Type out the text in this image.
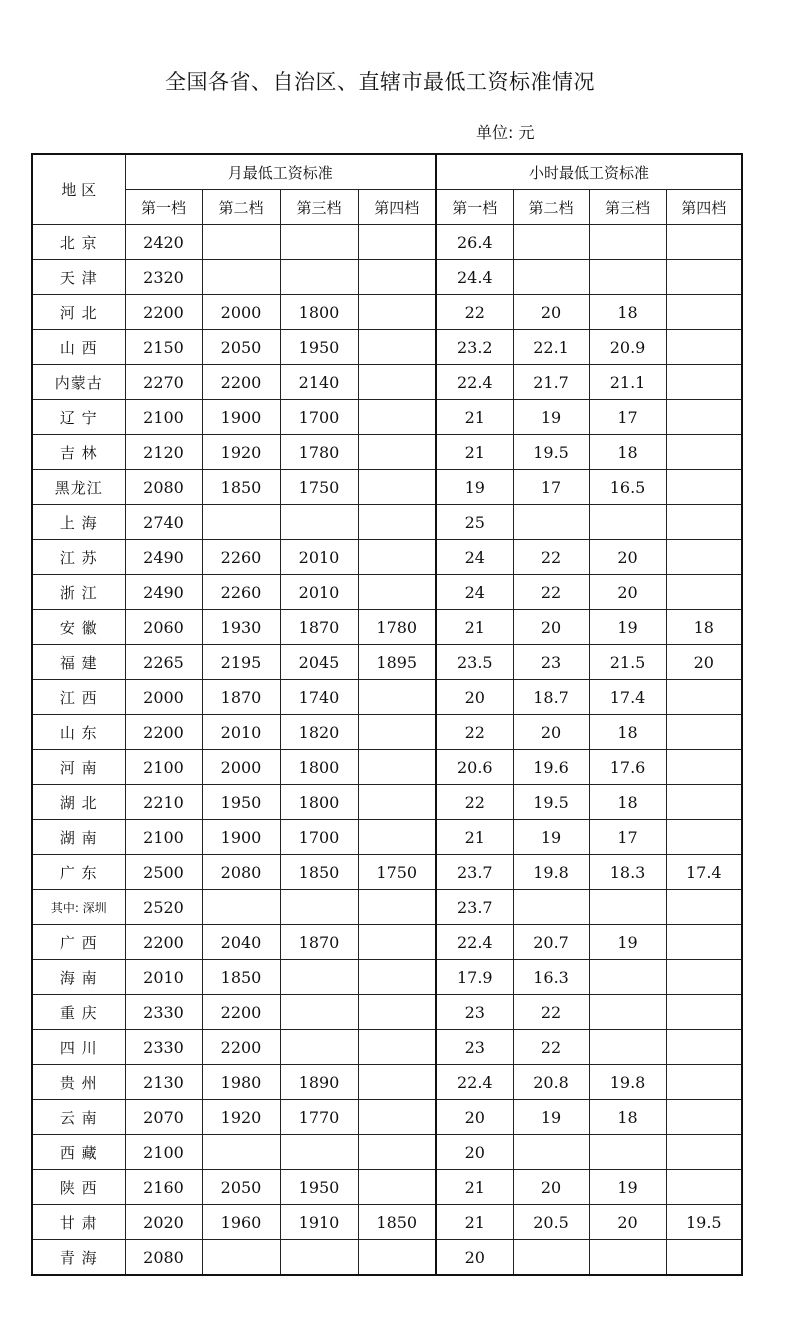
全国各省、自治区、直辖市最低工资标准情况
单位: 元
地 区	月最低工资标准				小时最低工资标准			
	第一档	第二档	第三档	第四档	第一档	第二档	第三档	第四档
北 京	2420				26.4			
天 津	2320				24.4			
河 北	2200	2000	1800		22	20	18	
山 西	2150	2050	1950		23.2	22.1	20.9	
内蒙古	2270	2200	2140		22.4	21.7	21.1	
辽 宁	2100	1900	1700		21	19	17	
吉 林	2120	1920	1780		21	19.5	18	
黑龙江	2080	1850	1750		19	17	16.5	
上 海	2740				25			
江 苏	2490	2260	2010		24	22	20	
浙 江	2490	2260	2010		24	22	20	
安 徽	2060	1930	1870	1780	21	20	19	18
福 建	2265	2195	2045	1895	23.5	23	21.5	20
江 西	2000	1870	1740		20	18.7	17.4	
山 东	2200	2010	1820		22	20	18	
河 南	2100	2000	1800		20.6	19.6	17.6	
湖 北	2210	1950	1800		22	19.5	18	
湖 南	2100	1900	1700		21	19	17	
广 东	2500	2080	1850	1750	23.7	19.8	18.3	17.4
其中: 深圳	2520				23.7			
广 西	2200	2040	1870		22.4	20.7	19	
海 南	2010	1850			17.9	16.3		
重 庆	2330	2200			23	22		
四 川	2330	2200			23	22		
贵 州	2130	1980	1890		22.4	20.8	19.8	
云 南	2070	1920	1770		20	19	18	
西 藏	2100				20			
陕 西	2160	2050	1950		21	20	19	
甘 肃	2020	1960	1910	1850	21	20.5	20	19.5
青 海	2080				20			
